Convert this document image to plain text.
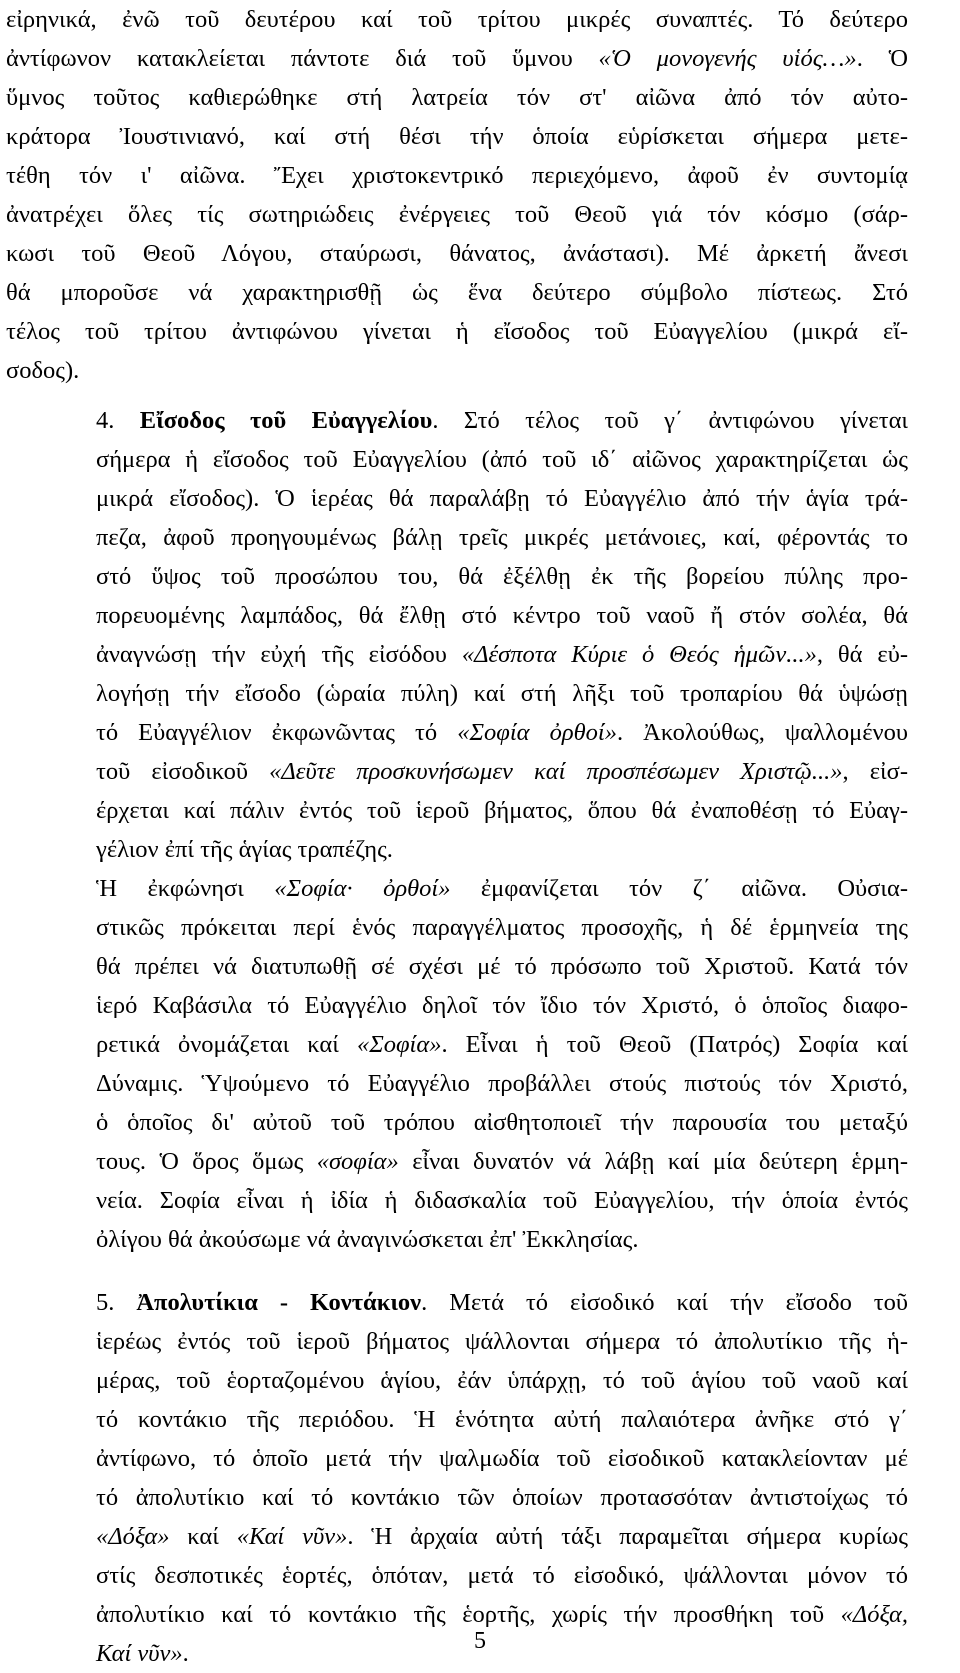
εἰρηνικά, ἐνῶ τοῦ δευτέρου καί τοῦ τρίτου μικρές συναπτές. Τό δεύτερο
ἀντίφωνον κατακλείεται πάντοτε διά τοῦ ὕμνου «Ὁ μονογενής υἱός…». Ὁ
ὕμνος τοῦτος καθιερώθηκε στή λατρεία τόν στ' αἰῶνα ἀπό τόν αὐτο-
κράτορα Ἰουστινιανό, καί στή θέσι τήν ὁποία εὑρίσκεται σήμερα μετε-
τέθη τόν ι' αἰῶνα. Ἔχει χριστοκεντρικό περιεχόμενο, ἀφοῦ ἐν συντομίᾳ
ἀνατρέχει ὅλες τίς σωτηριώδεις ἐνέργειες τοῦ Θεοῦ γιά τόν κόσμο (σάρ-
κωσι τοῦ Θεοῦ Λόγου, σταύρωσι, θάνατος, ἀνάστασι). Μέ ἀρκετή ἄνεσι
θά μποροῦσε νά χαρακτηρισθῇ ὡς ἕνα δεύτερο σύμβολο πίστεως. Στό
τέλος τοῦ τρίτου ἀντιφώνου γίνεται ἡ εἴσοδος τοῦ Εὐαγγελίου (μικρά εἴ-
σοδος).

4. Εἴσοδος τοῦ Εὐαγγελίου. Στό τέλος τοῦ γ΄ ἀντιφώνου γίνεται
σήμερα ἡ εἴσοδος τοῦ Εὐαγγελίου (ἀπό τοῦ ιδ΄ αἰῶνος χαρακτηρίζεται ὡς
μικρά εἴσοδος). Ὁ ἱερέας θά παραλάβῃ τό Εὐαγγέλιο ἀπό τήν ἁγία τρά-
πεζα, ἀφοῦ προηγουμένως βάλῃ τρεῖς μικρές μετάνοιες, καί, φέροντάς το
στό ὕψος τοῦ προσώπου του, θά ἐξέλθῃ ἐκ τῆς βορείου πύλης προ-
πορευομένης λαμπάδος, θά ἔλθῃ στό κέντρο τοῦ ναοῦ ἤ στόν σολέα, θά
ἀναγνώσῃ τήν εὐχή τῆς εἰσόδου «Δέσποτα Κύριε ὁ Θεός ἡμῶν...», θά εὐ-
λογήσῃ τήν εἴσοδο (ὡραία πύλη) καί στή λῆξι τοῦ τροπαρίου θά ὑψώσῃ
τό Εὐαγγέλιον ἐκφωνῶντας τό «Σοφία ὀρθοί». Ἀκολούθως, ψαλλομένου
τοῦ εἰσοδικοῦ «Δεῦτε προσκυνήσωμεν καί προσπέσωμεν Χριστῷ...», εἰσ-
έρχεται καί πάλιν ἐντός τοῦ ἱεροῦ βήματος, ὅπου θά ἐναποθέσῃ τό Εὐαγ-
γέλιον ἐπί τῆς ἁγίας τραπέζης.

Ἡ ἐκφώνησι «Σοφία· ὀρθοί» ἐμφανίζεται τόν ζ΄ αἰῶνα. Οὐσια-
στικῶς πρόκειται περί ἑνός παραγγέλματος προσοχῆς, ἡ δέ ἑρμηνεία της
θά πρέπει νά διατυπωθῇ σέ σχέσι μέ τό πρόσωπο τοῦ Χριστοῦ. Κατά τόν
ἱερό Καβάσιλα τό Εὐαγγέλιο δηλοῖ τόν ἴδιο τόν Χριστό, ὁ ὁποῖος διαφο-
ρετικά ὀνομάζεται καί «Σοφία». Εἶναι ἡ τοῦ Θεοῦ (Πατρός) Σοφία καί
Δύναμις. Ὑψούμενο τό Εὐαγγέλιο προβάλλει στούς πιστούς τόν Χριστό,
ὁ ὁποῖος δι' αὐτοῦ τοῦ τρόπου αἰσθητοποιεῖ τήν παρουσία του μεταξύ
τους. Ὁ ὅρος ὅμως «σοφία» εἶναι δυνατόν νά λάβῃ καί μία δεύτερη ἑρμη-
νεία. Σοφία εἶναι ἡ ἰδία ἡ διδασκαλία τοῦ Εὐαγγελίου, τήν ὁποία ἐντός
ὀλίγου θά ἀκούσωμε νά ἀναγινώσκεται ἐπ' Ἐκκλησίας.

5. Ἀπολυτίκια - Κοντάκιον. Μετά τό εἰσοδικό καί τήν εἴσοδο τοῦ
ἱερέως ἐντός τοῦ ἱεροῦ βήματος ψάλλονται σήμερα τό ἀπολυτίκιο τῆς ἡ-
μέρας, τοῦ ἑορταζομένου ἁγίου, ἐάν ὑπάρχῃ, τό τοῦ ἁγίου τοῦ ναοῦ καί
τό κοντάκιο τῆς περιόδου. Ἡ ἑνότητα αὐτή παλαιότερα ἀνῆκε στό γ΄
ἀντίφωνο, τό ὁποῖο μετά τήν ψαλμωδία τοῦ εἰσοδικοῦ κατακλείονταν μέ
τό ἀπολυτίκιο καί τό κοντάκιο τῶν ὁποίων προτασσόταν ἀντιστοίχως τό
«Δόξα» καί «Καί νῦν». Ἡ ἀρχαία αὐτή τάξι παραμεῖται σήμερα κυρίως
στίς δεσποτικές ἑορτές, ὁπόταν, μετά τό εἰσοδικό, ψάλλονται μόνον τό
ἀπολυτίκιο καί τό κοντάκιο τῆς ἑορτῆς, χωρίς τήν προσθήκη τοῦ «Δόξα,
Καί νῦν».	5
